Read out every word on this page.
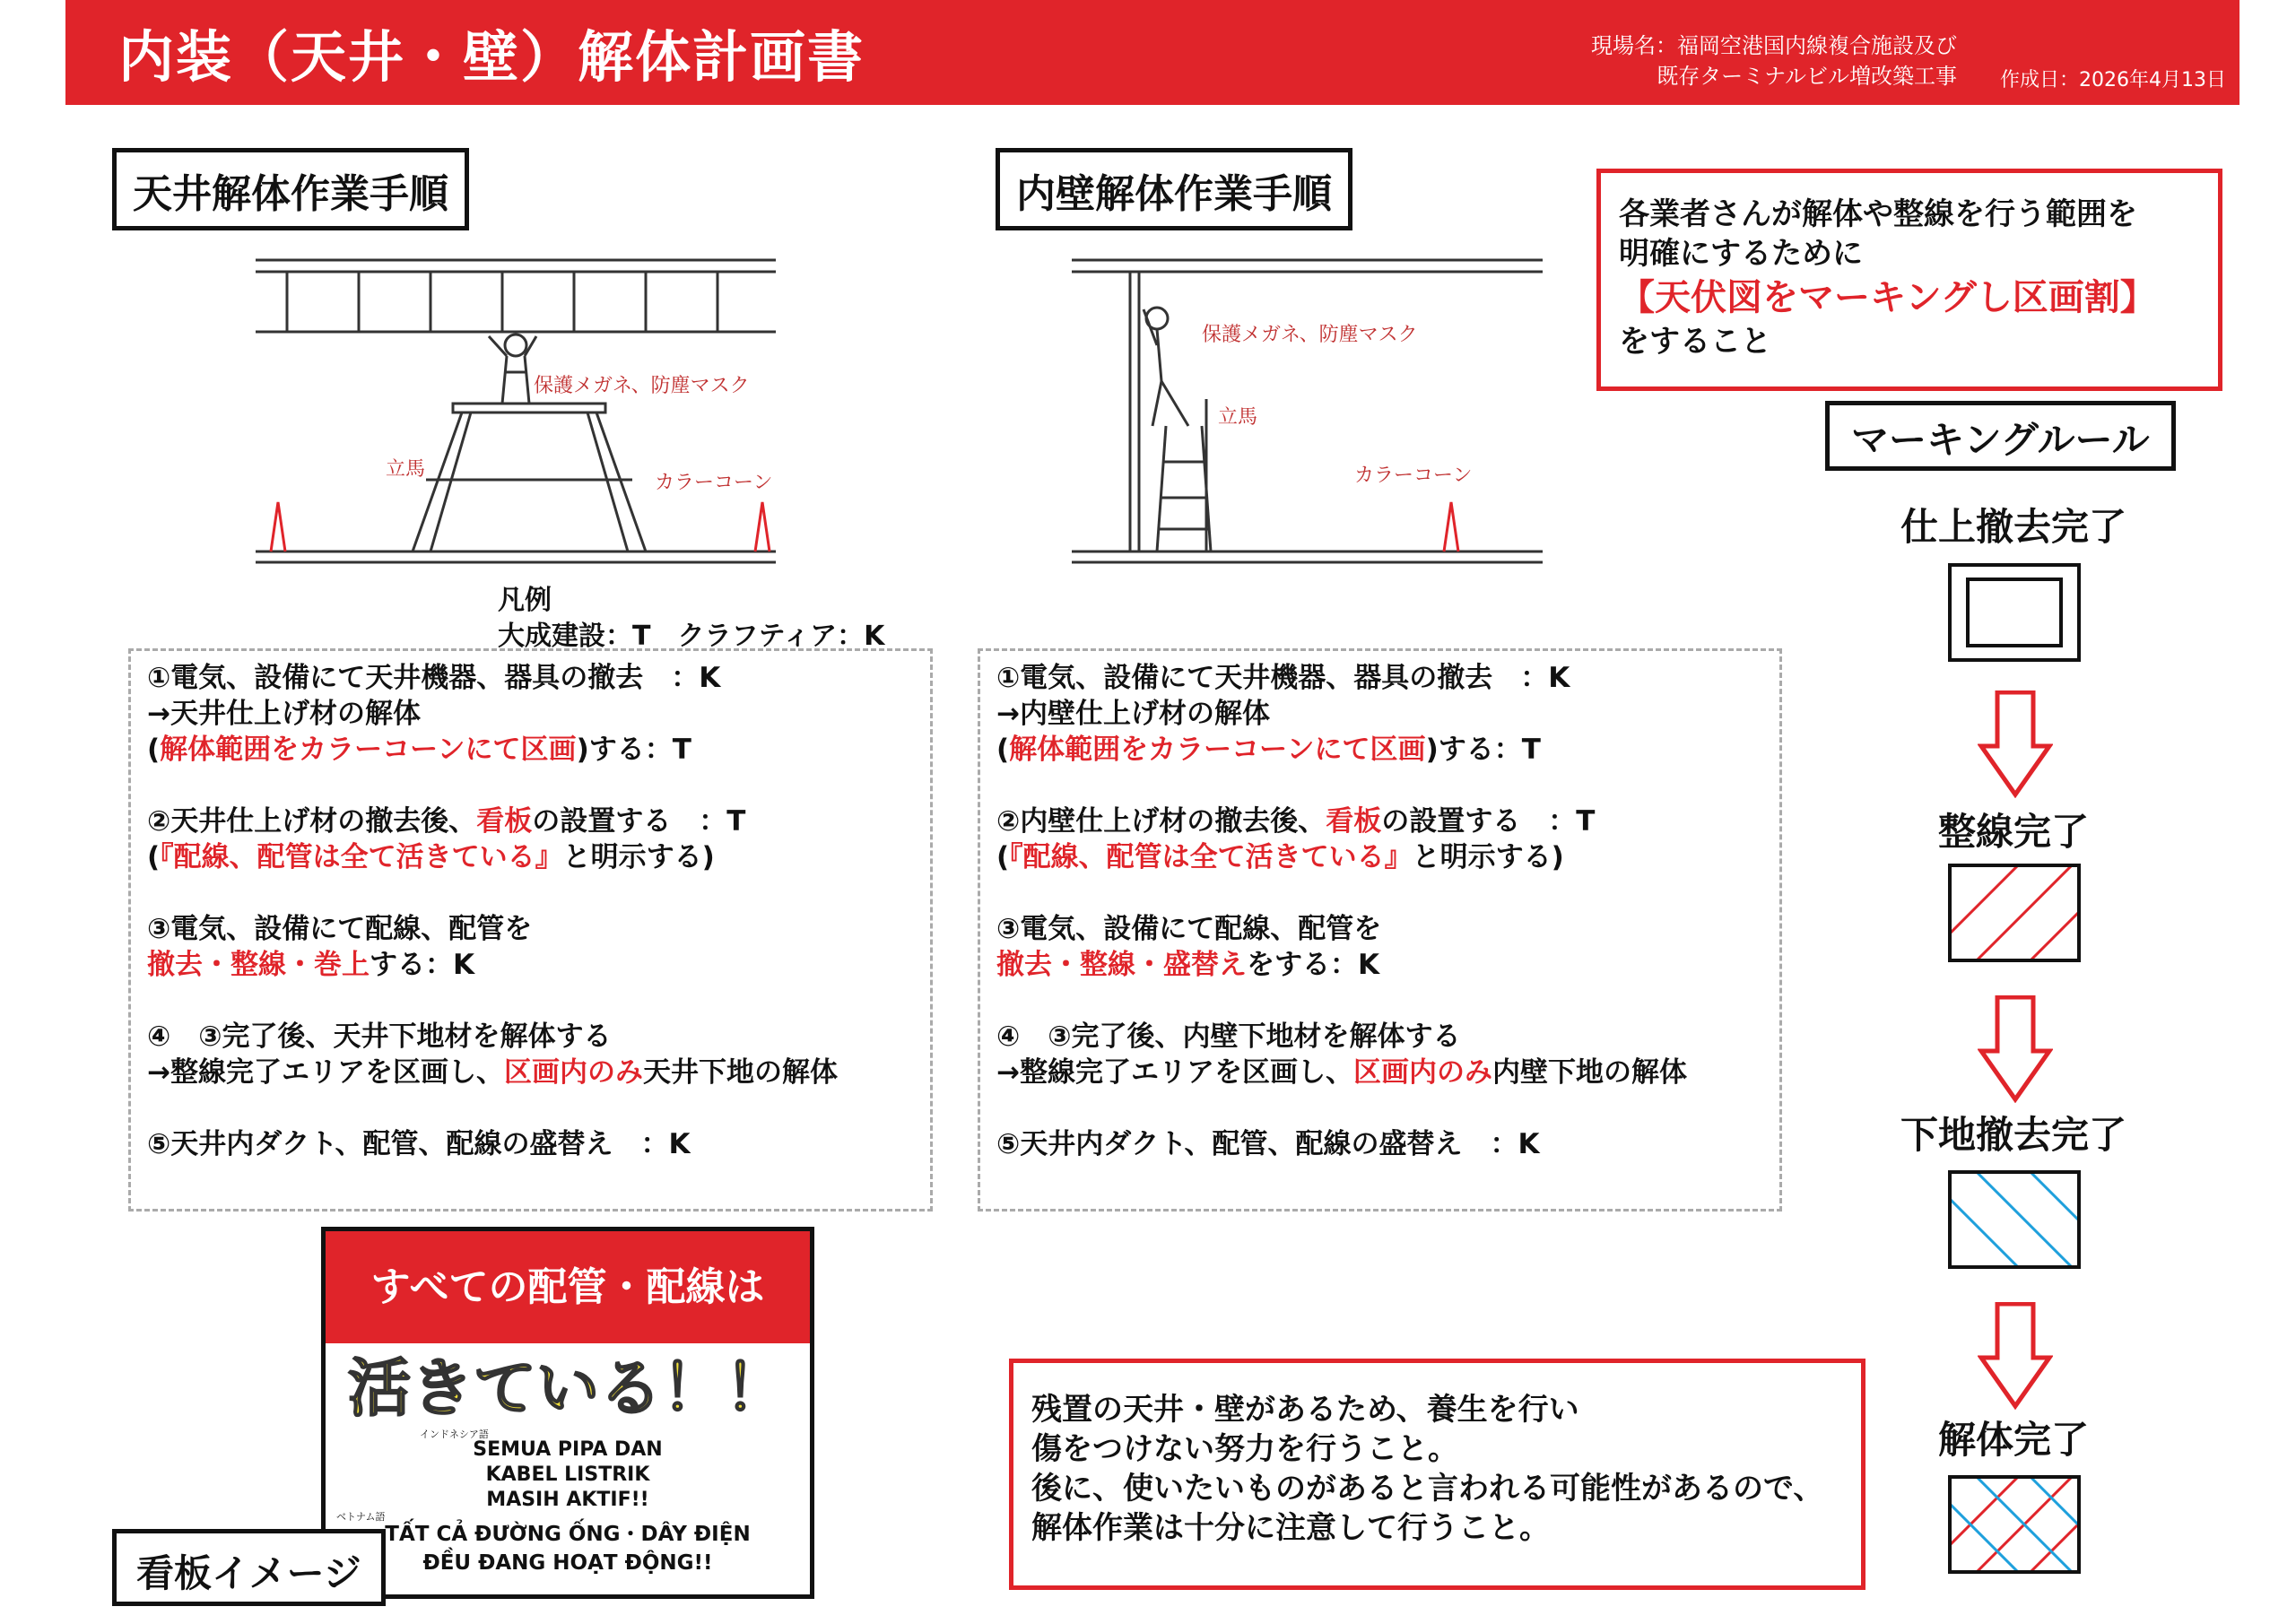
内装（天井・壁）解体計画書	現場名：福岡空港国内線複合施設及び
既存ターミナルビル増改築工事 作成日：2026年4月13日
天井解体作業手順
保護メガネ、防塵マスク
立馬
カラーコーン
凡例
大成建設：T　クラフティア：K
①電気、設備にて天井機器、器具の撤去　：K
→天井仕上げ材の解体
(解体範囲をカラーコーンにて区画)する：T

②天井仕上げ材の撤去後、看板の設置する　：T
(『配線、配管は全て活きている』と明示する)

③電気、設備にて配線、配管を
撤去・整線・巻上する：K

④　③完了後、天井下地材を解体する
→整線完了エリアを区画し、区画内のみ天井下地の解体

⑤天井内ダクト、配管、配線の盛替え　：K
内壁解体作業手順
保護メガネ、防塵マスク
立馬
カラーコーン
①電気、設備にて天井機器、器具の撤去　：K
→内壁仕上げ材の解体
(解体範囲をカラーコーンにて区画)する：T

②内壁仕上げ材の撤去後、看板の設置する　：T
(『配線、配管は全て活きている』と明示する)

③電気、設備にて配線、配管を
撤去・整線・盛替えをする：K

④　③完了後、内壁下地材を解体する
→整線完了エリアを区画し、区画内のみ内壁下地の解体

⑤天井内ダクト、配管、配線の盛替え　：K
各業者さんが解体や整線を行う範囲を
明確にするために
【天伏図をマーキングし区画割】
をすること
マーキングルール
仕上撤去完了
整線完了
下地撤去完了
解体完了
すべての配管・配線は
活きている！！
インドネシア語
SEMUA PIPA DAN
KABEL LISTRIK
MASIH AKTIF!!
ベトナム語
TẤT CẢ ĐƯỜNG ỐNG・DÂY ĐIỆN
ĐỀU ĐANG HOẠT ĐỘNG!!
看板イメージ
残置の天井・壁があるため、養生を行い
傷をつけない努力を行うこと。
後に、使いたいものがあると言われる可能性があるので、
解体作業は十分に注意して行うこと。
